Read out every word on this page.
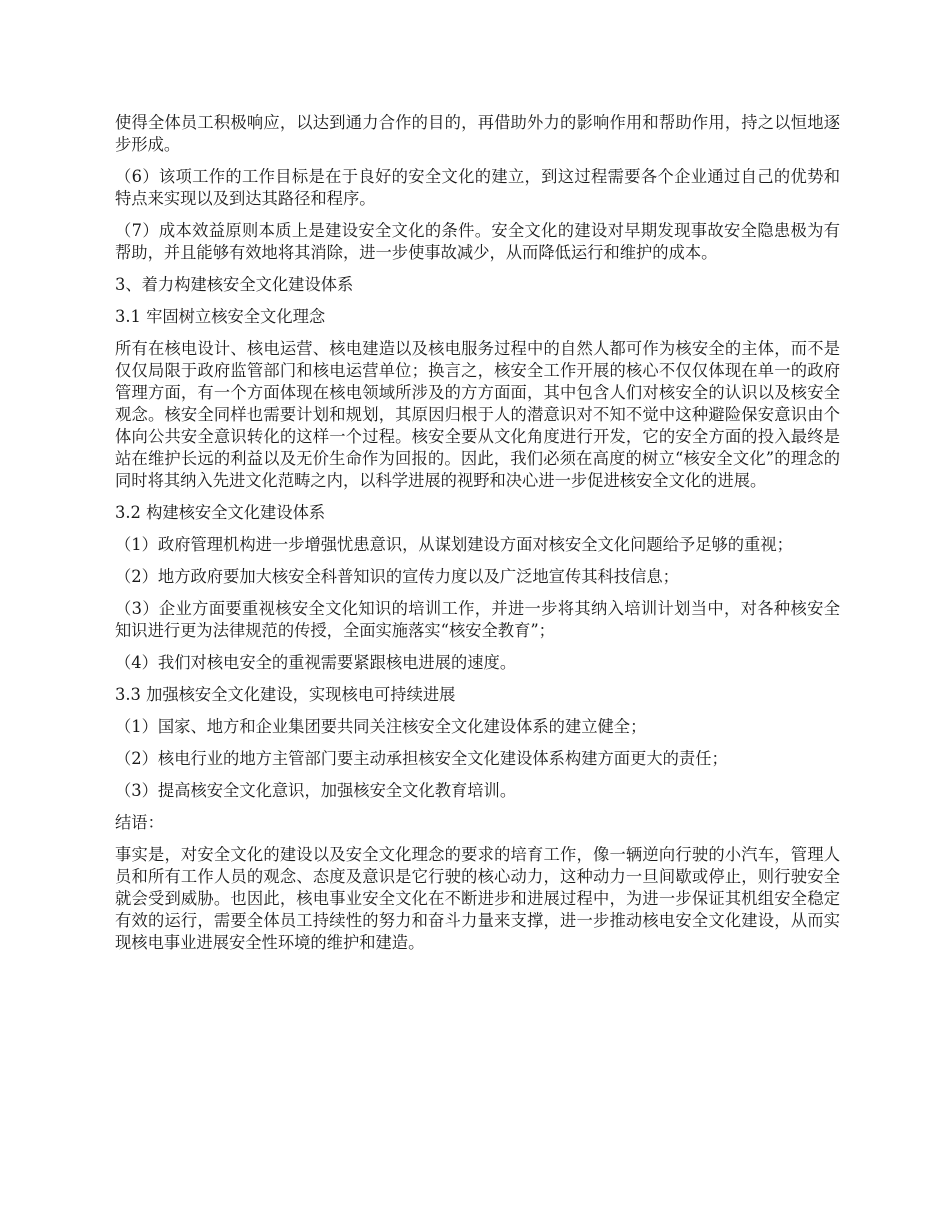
使得全体员工积极响应，以达到通力合作的目的，再借助外力的影响作用和帮助作用，持之以恒地逐步形成。

（6）该项工作的工作目标是在于良好的安全文化的建立，到这过程需要各个企业通过自己的优势和特点来实现以及到达其路径和程序。

（7）成本效益原则本质上是建设安全文化的条件。安全文化的建设对早期发现事故安全隐患极为有帮助，并且能够有效地将其消除，进一步使事故减少，从而降低运行和维护的成本。

3、着力构建核安全文化建设体系

3.1 牢固树立核安全文化理念

所有在核电设计、核电运营、核电建造以及核电服务过程中的自然人都可作为核安全的主体，而不是仅仅局限于政府监管部门和核电运营单位；换言之，核安全工作开展的核心不仅仅体现在单一的政府管理方面，有一个方面体现在核电领域所涉及的方方面面，其中包含人们对核安全的认识以及核安全观念。核安全同样也需要计划和规划，其原因归根于人的潜意识对不知不觉中这种避险保安意识由个体向公共安全意识转化的这样一个过程。核安全要从文化角度进行开发，它的安全方面的投入最终是站在维护长远的利益以及无价生命作为回报的。因此，我们必须在高度的树立“核安全文化”的理念的同时将其纳入先进文化范畴之内，以科学进展的视野和决心进一步促进核安全文化的进展。

3.2 构建核安全文化建设体系

（1）政府管理机构进一步增强忧患意识，从谋划建设方面对核安全文化问题给予足够的重视；

（2）地方政府要加大核安全科普知识的宣传力度以及广泛地宣传其科技信息；

（3）企业方面要重视核安全文化知识的培训工作，并进一步将其纳入培训计划当中，对各种核安全知识进行更为法律规范的传授，全面实施落实“核安全教育”；

（4）我们对核电安全的重视需要紧跟核电进展的速度。

3.3 加强核安全文化建设，实现核电可持续进展

（1）国家、地方和企业集团要共同关注核安全文化建设体系的建立健全；

（2）核电行业的地方主管部门要主动承担核安全文化建设体系构建方面更大的责任；

（3）提高核安全文化意识，加强核安全文化教育培训。

结语：

事实是，对安全文化的建设以及安全文化理念的要求的培育工作，像一辆逆向行驶的小汽车，管理人员和所有工作人员的观念、态度及意识是它行驶的核心动力，这种动力一旦间歇或停止，则行驶安全就会受到威胁。也因此，核电事业安全文化在不断进步和进展过程中，为进一步保证其机组安全稳定有效的运行，需要全体员工持续性的努力和奋斗力量来支撑，进一步推动核电安全文化建设，从而实现核电事业进展安全性环境的维护和建造。
